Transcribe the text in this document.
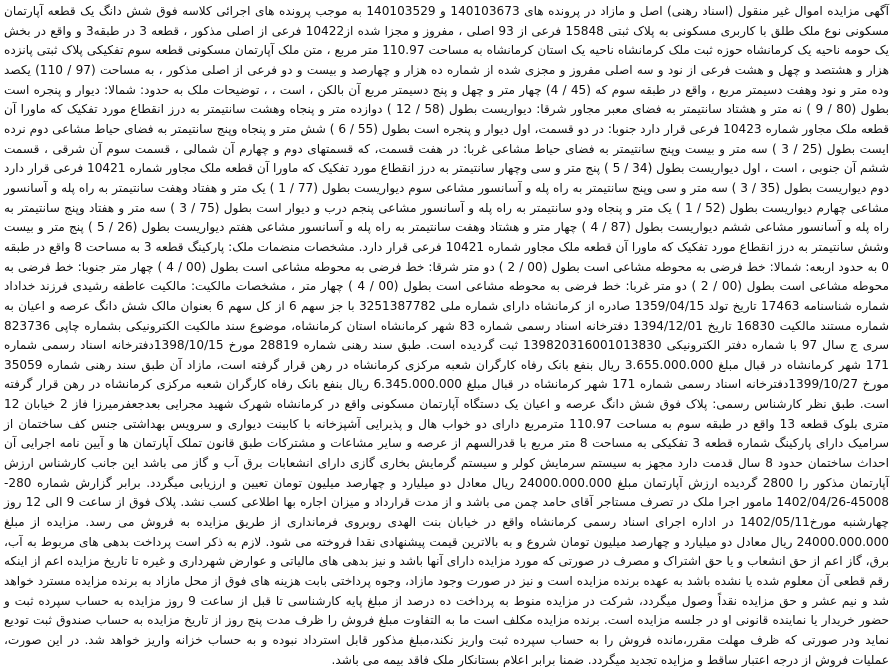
آگهی مزایده اموال غیر منقول (اسناد رهنی) اصل و مازاد در پرونده های 140103673 و 140103529 به موجب پرونده های اجرائی کلاسه فوق شش دانگ یک قطعه آپارتمان مسکونی نوع ملک طلق با کاربری مسکونی به پلاک ثبتی 15848 فرعی از 93 اصلی ، مفروز و مجزا شده از10422 فرعی از اصلی مذکور ، قطعه 3 در طبقه3 و واقع در بخش یک حومه ناحیه یک کرمانشاه حوزه ثبت ملک کرمانشاه ناحیه یک استان کرمانشاه به مساحت 110.97 متر مربع ، متن ملک آپارتمان مسکونی قطعه سوم تفکیکی پلاک ثبتی پانزده هزار و هشتصد و چهل و هشت فرعی از نود و سه اصلی مفروز و مجزی شده از شماره ده هزار و چهارصد و بیست و دو فرعی از اصلی مذکور ، به مساحت (97 / 110) یکصد وده متر و نود وهفت دسیمتر مربع ، واقع در طبقه سوم که (45 / 4) چهار متر و چهل و پنج دسیمتر مربع آن بالکن ، است ، ، توضیحات ملک به حدود: شمالا: دیوار و پنجره است بطول (80 / 9 ) نه متر و هشتاد سانتیمتر به فضای معبر مجاور شرقا: دیواریست بطول (58 / 12 ) دوازده متر و پنجاه وهشت سانتیمتر به درز انقطاع مورد تفکیک که ماورا آن قطعه ملک مجاور شماره 10423 فرعی قرار دارد جنوبا: در دو قسمت، اول دیوار و پنجره است بطول (55 / 6 ) شش متر و پنجاه وپنج سانتیمتر به فضای حیاط مشاعی دوم نرده ایست بطول (25 / 3 ) سه متر و بیست وپنج سانتیمتر به فضای حیاط مشاعی غربا: در هفت قسمت، که قسمتهای دوم و چهارم آن شمالی ، قسمت سوم آن شرقی ، قسمت ششم آن جنوبی ، است ، اول دیواریست بطول (34 / 5 ) پنج متر و سی وچهار سانتیمتر به درز انقطاع مورد تفکیک که ماورا آن قطعه ملک مجاور شماره 10421 فرعی قرار دارد دوم دیواریست بطول (35 / 3 ) سه متر و سی وپنج سانتیمتر به راه پله و آسانسور مشاعی سوم دیواریست بطول (77 / 1 ) یک متر و هفتاد وهفت سانتیمتر به راه پله و آسانسور مشاعی چهارم دیواریست بطول (52 / 1 ) یک متر و پنجاه ودو سانتیمتر به راه پله و آسانسور مشاعی پنجم درب و دیوار است بطول (75 / 3 ) سه متر و هفتاد وپنج سانتیمتر به راه پله و آسانسور مشاعی ششم دیواریست بطول (87 / 4 ) چهار متر و هشتاد وهفت سانتیمتر به راه پله و آسانسور مشاعی هفتم دیواریست بطول (26 / 5 ) پنج متر و بیست وشش سانتیمتر به درز انقطاع مورد تفکیک که ماورا آن قطعه ملک مجاور شماره 10421 فرعی قرار دارد. مشخصات منضمات ملک: پارکینگ قطعه 3 به مساحت 8 واقع در طبقه 0 به حدود اربعه: شمالا: خط فرضی به محوطه مشاعی است بطول (00 / 2 ) دو متر شرقا: خط فرضی به محوطه مشاعی است بطول (00 / 4 ) چهار متر جنوبا: خط فرضی به محوطه مشاعی است بطول (00 / 2 ) دو متر غربا: خط فرضی به محوطه مشاعی است بطول (00 / 4 ) چهار متر ، مشخصات مالکیت: مالکیت عاطفه رشیدی فرزند خداداد شماره شناسنامه 17463 تاریخ تولد 1359/04/15 صادره از کرمانشاه دارای شماره ملی 3251387782 با جز سهم 6 از کل سهم 6 بعنوان مالک شش دانگ عرصه و اعیان به شماره مستند مالکیت 16830 تاریخ 1394/12/01 دفترخانه اسناد رسمی شماره 83 شهر کرمانشاه استان کرمانشاه، موضوع سند مالکیت الکترونیکی بشماره چاپی 823736 سری ج سال 97 با شماره دفتر الکترونیکی 139820316001013830 ثبت گردیده است. طبق سند رهنی شماره 28819 مورخ 1398/10/15دفترخانه اسناد رسمی شماره 171 شهر کرمانشاه در قبال مبلغ 3.655.000.000 ریال بنفع بانک رفاه کارگران شعبه مرکزی کرمانشاه در رهن قرار گرفته است، مازاد آن طبق سند رهنی شماره 35059 مورخ 1399/10/27دفترخانه اسناد رسمی شماره 171 شهر کرمانشاه در قبال مبلغ 6.345.000.000 ریال بنفع بانک رفاه کارگران شعبه مرکزی کرمانشاه در رهن قرار گرفته است. طبق نظر کارشناس رسمی: پلاک فوق شش دانگ عرصه و اعیان یک دستگاه آپارتمان مسکونی واقع در کرمانشاه شهرک شهید مجرایی بعدجعفرمیرزا فاز 2 خیابان 12 متری بلوک قطعه 13 واقع در طبقه سوم به مساحت 110.97 مترمربع دارای دو خواب هال و پذیرایی آشپزخانه با کابینت دیواری و سرویس بهداشتی جنس کف ساختمان از سرامیک دارای پارکینگ شماره قطعه 3 تفکیکی به مساحت 8 متر مربع با قدرالسهم از عرصه و سایر مشاعات و مشترکات طبق قانون تملک آپارتمان ها و آیین نامه اجرایی آن احداث ساختمان حدود 8 سال قدمت دارد مجهز به سیستم سرمایش کولر و سیستم گرمایش بخاری گازی دارای انشعابات برق آب و گاز می باشد این جانب کارشناس ارزش آپارتمان مذکور را 2800 گردیده ارزش آپارتمان مبلغ 24000.000.000 ریال معادل دو میلیارد و چهارصد میلیون تومان تعیین و ارزیابی میگردد. برابر گزارش شماره 280-45008-1402/04/26 مامور اجرا ملک در تصرف مستاجر آقای حامد چمن می باشد و از مدت قرارداد و میزان اجاره بها اطلاعی کسب نشد. پلاک فوق از ساعت 9 الی 12 روز چهارشنبه مورخ1402/05/11 در اداره اجرای اسناد رسمی کرمانشاه واقع در خیابان بنت الهدی روبروی فرمانداری از طریق مزایده به فروش می رسد. مزایده از مبلغ 24000.000.000 ریال معادل دو میلیارد و چهارصد میلیون تومان شروع و به بالاترین قیمت پیشنهادی نقدا فروخته می شود. لازم به ذکر است پرداخت بدهی های مربوط به آب، برق، گاز اعم از حق انشعاب و یا حق اشتراک و مصرف در صورتی که مورد مزایده دارای آنها باشد و نیز بدهی های مالیاتی و عوارض شهرداری و غیره تا تاریخ مزایده اعم از اینکه رقم قطعی آن معلوم شده یا نشده باشد به عهده برنده مزایده است و نیز در صورت وجود مازاد، وجوه پرداختی بابت هزینه های فوق از محل مازاد به برنده مزایده مسترد خواهد شد و نیم عشر و حق مزایده نقداً وصول میگردد، شرکت در مزایده منوط به پرداخت ده درصد از مبلغ پایه کارشناسی تا قبل از ساعت 9 روز مزایده به حساب سپرده ثبت و حضور خریدار یا نماینده قانونی او در جلسه مزایده است. برنده مزایده مکلف است ما به التفاوت مبلغ فروش را ظرف مدت پنج روز از تاریخ مزایده به حساب صندوق ثبت تودیع نماید ودر صورتی که ظرف مهلت مقرر،مانده فروش را به حساب سپرده ثبت واریز نکند،مبلغ مذکور قابل استرداد نبوده و به حساب خزانه واریز خواهد شد. در این صورت، عملیات فروش از درجه اعتبار ساقط و مزایده تجدید میگردد. ضمنا برابر اعلام بستانکار ملک فاقد بیمه می باشد.
